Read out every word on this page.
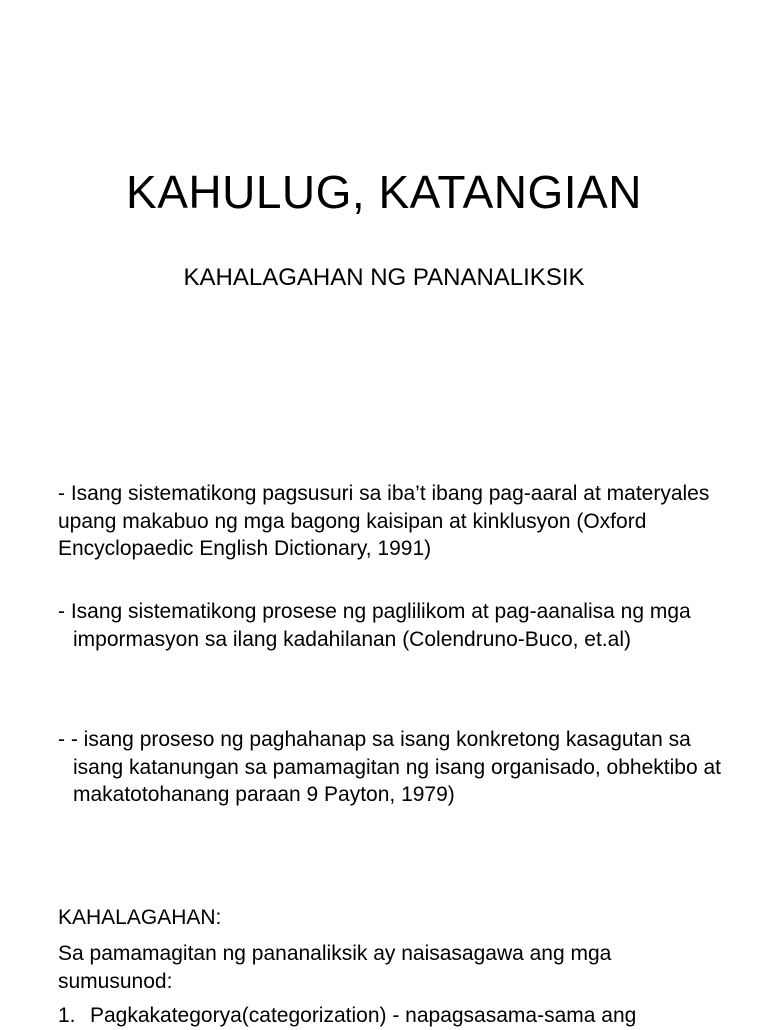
KAHULUG, KATANGIAN
KAHALAGAHAN NG PANANALIKSIK
- Isang sistematikong pagsusuri sa iba’t ibang pag-aaral at materyales upang makabuo ng mga bagong kaisipan at kinklusyon (Oxford Encyclopaedic English Dictionary, 1991)
- Isang sistematikong prosese ng paglilikom at pag-aanalisa ng mga impormasyon sa ilang kadahilanan (Colendruno-Buco, et.al)
- - isang proseso ng paghahanap sa isang konkretong kasagutan sa isang katanungan sa pamamagitan ng isang organisado, obhektibo at makatotohanang paraan 9 Payton, 1979)
KAHALAGAHAN:
Sa pamamagitan ng pananaliksik ay naisasagawa ang mga sumusunod:
1. Pagkakategorya(categorization) - napagsasama-sama ang
